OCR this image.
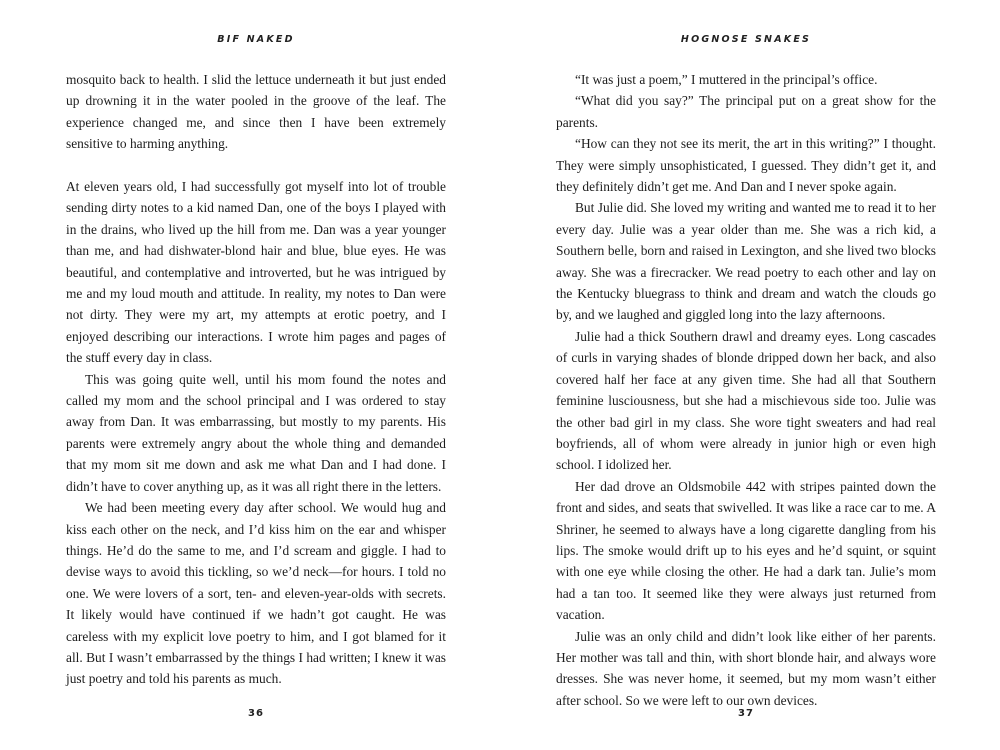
BIF NAKED

mosquito back to health. I slid the lettuce underneath it but just ended up drowning it in the water pooled in the groove of the leaf. The experience changed me, and since then I have been extremely sensitive to harming anything.

At eleven years old, I had successfully got myself into lot of trouble sending dirty notes to a kid named Dan, one of the boys I played with in the drains, who lived up the hill from me. Dan was a year younger than me, and had dishwater-blond hair and blue, blue eyes. He was beautiful, and contemplative and introverted, but he was intrigued by me and my loud mouth and attitude. In reality, my notes to Dan were not dirty. They were my art, my attempts at erotic poetry, and I enjoyed describing our interactions. I wrote him pages and pages of the stuff every day in class.

This was going quite well, until his mom found the notes and called my mom and the school principal and I was ordered to stay away from Dan. It was embarrassing, but mostly to my parents. His parents were extremely angry about the whole thing and demanded that my mom sit me down and ask me what Dan and I had done. I didn’t have to cover anything up, as it was all right there in the letters.

We had been meeting every day after school. We would hug and kiss each other on the neck, and I’d kiss him on the ear and whisper things. He’d do the same to me, and I’d scream and giggle. I had to devise ways to avoid this tickling, so we’d neck—for hours. I told no one. We were lovers of a sort, ten- and eleven-year-olds with secrets. It likely would have continued if we hadn’t got caught. He was careless with my explicit love poetry to him, and I got blamed for it all. But I wasn’t embarrassed by the things I had written; I knew it was just poetry and told his parents as much.

36
HOGNOSE SNAKES

“It was just a poem,” I muttered in the principal’s office.

“What did you say?” The principal put on a great show for the parents.

“How can they not see its merit, the art in this writing?” I thought. They were simply unsophisticated, I guessed. They didn’t get it, and they definitely didn’t get me. And Dan and I never spoke again.

But Julie did. She loved my writing and wanted me to read it to her every day. Julie was a year older than me. She was a rich kid, a Southern belle, born and raised in Lexington, and she lived two blocks away. She was a firecracker. We read poetry to each other and lay on the Kentucky bluegrass to think and dream and watch the clouds go by, and we laughed and giggled long into the lazy afternoons.

Julie had a thick Southern drawl and dreamy eyes. Long cascades of curls in varying shades of blonde dripped down her back, and also covered half her face at any given time. She had all that Southern feminine lusciousness, but she had a mischievous side too. Julie was the other bad girl in my class. She wore tight sweaters and had real boyfriends, all of whom were already in junior high or even high school. I idolized her.

Her dad drove an Oldsmobile 442 with stripes painted down the front and sides, and seats that swivelled. It was like a race car to me. A Shriner, he seemed to always have a long cigarette dangling from his lips. The smoke would drift up to his eyes and he’d squint, or squint with one eye while closing the other. He had a dark tan. Julie’s mom had a tan too. It seemed like they were always just returned from vacation.

Julie was an only child and didn’t look like either of her parents. Her mother was tall and thin, with short blonde hair, and always wore dresses. She was never home, it seemed, but my mom wasn’t either after school. So we were left to our own devices.

37
